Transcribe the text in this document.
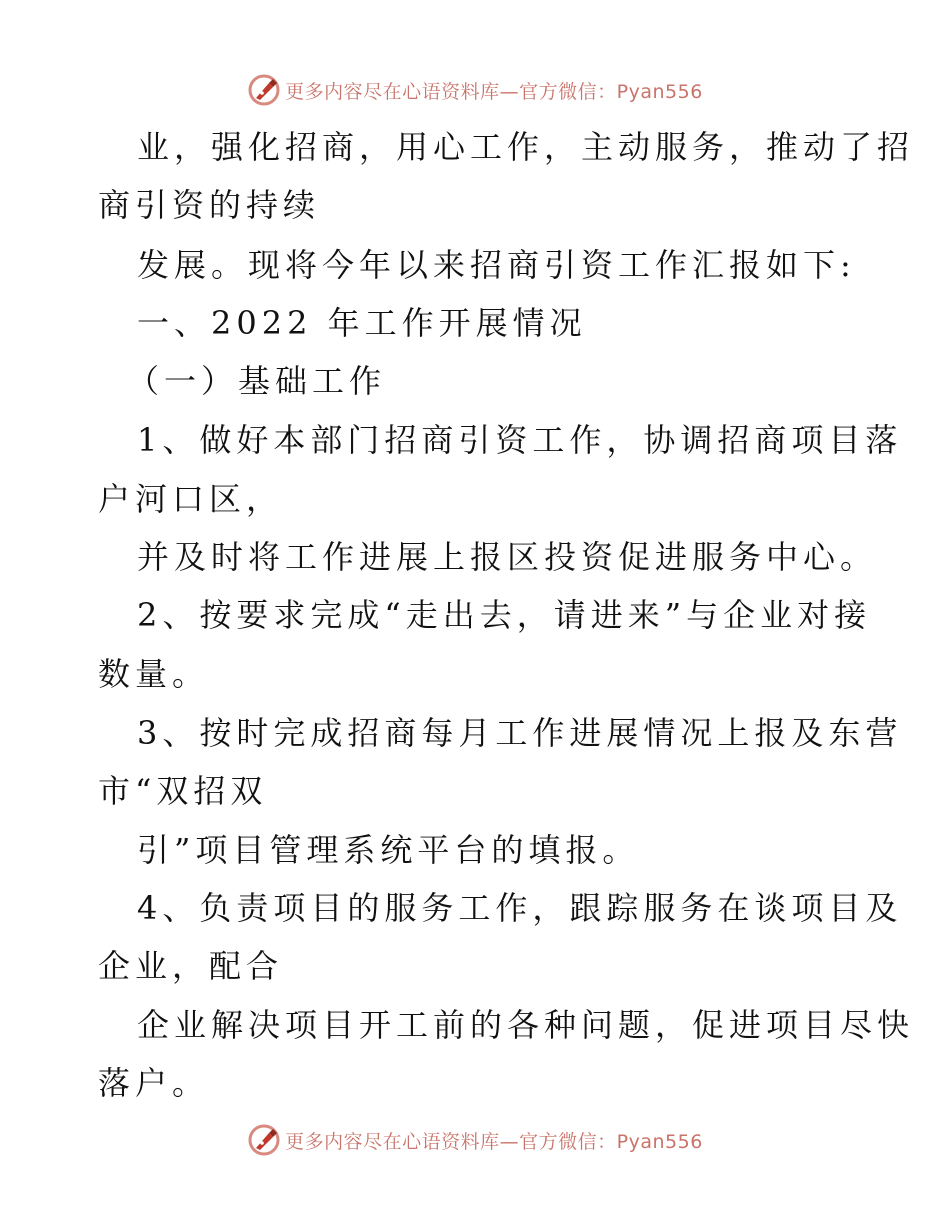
更多内容尽在心语资料库—官方微信：Pyan556
业，强化招商，用心工作，主动服务，推动了招
商引资的持续
发展。现将今年以来招商引资工作汇报如下:
一、2022 年工作开展情况
（一）基础工作
1、做好本部门招商引资工作，协调招商项目落
户河口区，
并及时将工作进展上报区投资促进服务中心。
2、按要求完成“走出去，请进来”与企业对接
数量。
3、按时完成招商每月工作进展情况上报及东营
市“双招双
引”项目管理系统平台的填报。
4、负责项目的服务工作，跟踪服务在谈项目及
企业，配合
企业解决项目开工前的各种问题，促进项目尽快
落户。
更多内容尽在心语资料库—官方微信：Pyan556
